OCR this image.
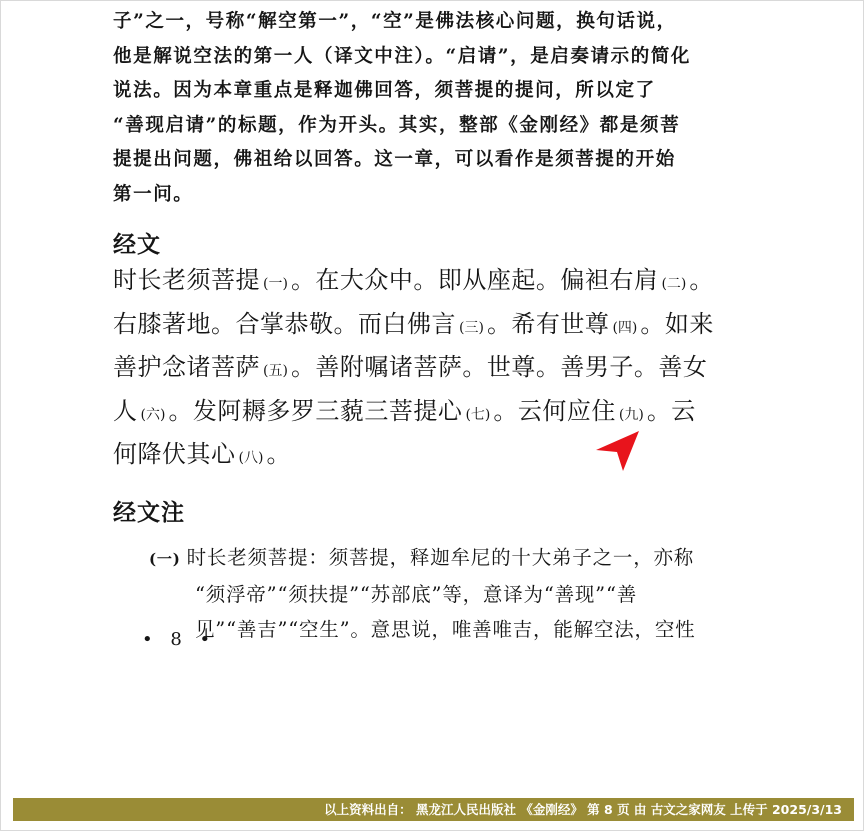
子”之一，号称“解空第一”，“空”是佛法核心问题，换句话说，

他是解说空法的第一人（译文中注）。“启请”，是启奏请示的简化

说法。因为本章重点是释迦佛回答，须菩提的提问，所以定了

“善现启请”的标题，作为开头。其实，整部《金刚经》都是须菩

提提出问题，佛祖给以回答。这一章，可以看作是须菩提的开始

第一问。

经文

时长老须菩提 (一) 。在大众中。即从座起。偏袒右肩 (二) 。

右膝著地。合掌恭敬。而白佛言 (三) 。希有世尊 (四) 。如来

善护念诸菩萨 (五) 。善附嘱诸菩萨。世尊。善男子。善女

人 (六) 。发阿耨多罗三藐三菩提心 (七) 。云何应住 (九) 。云

何降伏其心 (八) 。

经文注

(一) 时长老须菩提：须菩提，释迦牟尼的十大弟子之一，亦称

“须浮帝”“须扶提”“苏部底”等，意译为“善现”“善

见”“善吉”“空生”。意思说，唯善唯吉，能解空法，空性

• 8 •
以上资料出自： 黑龙江人民出版社 《金刚经》 第 8 页 由 古文之家网友 上传于 2025/3/13
